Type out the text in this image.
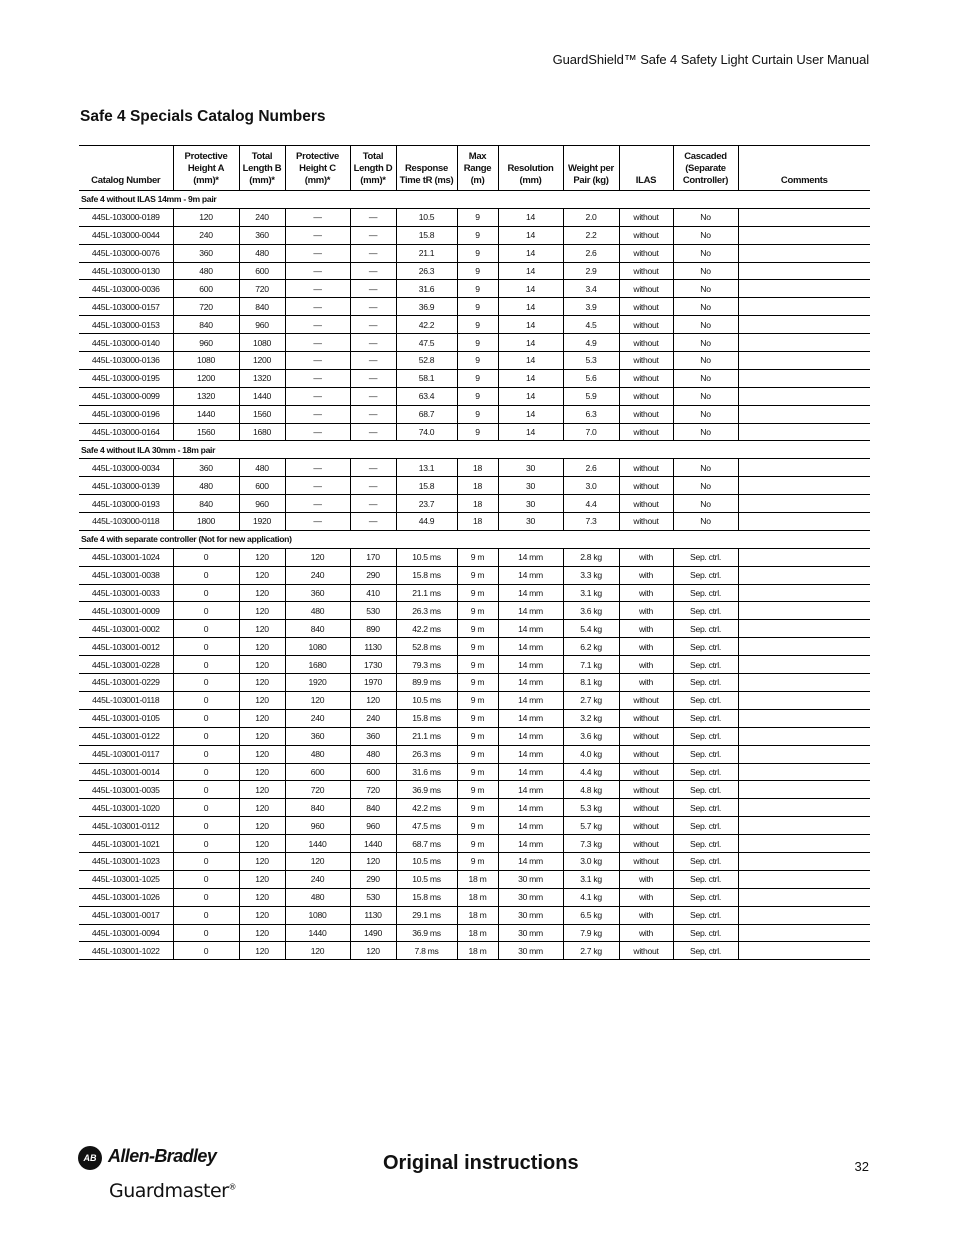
GuardShield™ Safe 4 Safety Light Curtain User Manual
Safe 4 Specials Catalog Numbers
Catalog Number	Protective Height A (mm)*	Total Length B (mm)*	Protective Height C (mm)*	Total Length D (mm)*	Response Time tR (ms)	Max Range (m)	Resolution (mm)	Weight per Pair (kg)	ILAS	Cascaded (Separate Controller)	Comments
Safe 4 without ILAS 14mm - 9m pair											
445L-103000-0189	120	240	—	—	10.5	9	14	2.0	without	No	
445L-103000-0044	240	360	—	—	15.8	9	14	2.2	without	No	
445L-103000-0076	360	480	—	—	21.1	9	14	2.6	without	No	
445L-103000-0130	480	600	—	—	26.3	9	14	2.9	without	No	
445L-103000-0036	600	720	—	—	31.6	9	14	3.4	without	No	
445L-103000-0157	720	840	—	—	36.9	9	14	3.9	without	No	
445L-103000-0153	840	960	—	—	42.2	9	14	4.5	without	No	
445L-103000-0140	960	1080	—	—	47.5	9	14	4.9	without	No	
445L-103000-0136	1080	1200	—	—	52.8	9	14	5.3	without	No	
445L-103000-0195	1200	1320	—	—	58.1	9	14	5.6	without	No	
445L-103000-0099	1320	1440	—	—	63.4	9	14	5.9	without	No	
445L-103000-0196	1440	1560	—	—	68.7	9	14	6.3	without	No	
445L-103000-0164	1560	1680	—	—	74.0	9	14	7.0	without	No	
Safe 4 without ILA 30mm - 18m pair											
445L-103000-0034	360	480	—	—	13.1	18	30	2.6	without	No	
445L-103000-0139	480	600	—	—	15.8	18	30	3.0	without	No	
445L-103000-0193	840	960	—	—	23.7	18	30	4.4	without	No	
445L-103000-0118	1800	1920	—	—	44.9	18	30	7.3	without	No	
Safe 4 with separate controller (Not for new application)											
445L-103001-1024	0	120	120	170	10.5 ms	9 m	14 mm	2.8 kg	with	Sep. ctrl.	
445L-103001-0038	0	120	240	290	15.8 ms	9 m	14 mm	3.3 kg	with	Sep. ctrl.	
445L-103001-0033	0	120	360	410	21.1 ms	9 m	14 mm	3.1 kg	with	Sep. ctrl.	
445L-103001-0009	0	120	480	530	26.3 ms	9 m	14 mm	3.6 kg	with	Sep. ctrl.	
445L-103001-0002	0	120	840	890	42.2 ms	9 m	14 mm	5.4 kg	with	Sep. ctrl.	
445L-103001-0012	0	120	1080	1130	52.8 ms	9 m	14 mm	6.2 kg	with	Sep. ctrl.	
445L-103001-0228	0	120	1680	1730	79.3 ms	9 m	14 mm	7.1 kg	with	Sep. ctrl.	
445L-103001-0229	0	120	1920	1970	89.9 ms	9 m	14 mm	8.1 kg	with	Sep. ctrl.	
445L-103001-0118	0	120	120	120	10.5 ms	9 m	14 mm	2.7 kg	without	Sep. ctrl.	
445L-103001-0105	0	120	240	240	15.8 ms	9 m	14 mm	3.2 kg	without	Sep. ctrl.	
445L-103001-0122	0	120	360	360	21.1 ms	9 m	14 mm	3.6 kg	without	Sep. ctrl.	
445L-103001-0117	0	120	480	480	26.3 ms	9 m	14 mm	4.0 kg	without	Sep. ctrl.	
445L-103001-0014	0	120	600	600	31.6 ms	9 m	14 mm	4.4 kg	without	Sep. ctrl.	
445L-103001-0035	0	120	720	720	36.9 ms	9 m	14 mm	4.8 kg	without	Sep. ctrl.	
445L-103001-1020	0	120	840	840	42.2 ms	9 m	14 mm	5.3 kg	without	Sep. ctrl.	
445L-103001-0112	0	120	960	960	47.5 ms	9 m	14 mm	5.7 kg	without	Sep. ctrl.	
445L-103001-1021	0	120	1440	1440	68.7 ms	9 m	14 mm	7.3 kg	without	Sep. ctrl.	
445L-103001-1023	0	120	120	120	10.5 ms	9 m	14 mm	3.0 kg	without	Sep. ctrl.	
445L-103001-1025	0	120	240	290	10.5 ms	18 m	30 mm	3.1 kg	with	Sep. ctrl.	
445L-103001-1026	0	120	480	530	15.8 ms	18 m	30 mm	4.1 kg	with	Sep. ctrl.	
445L-103001-0017	0	120	1080	1130	29.1 ms	18 m	30 mm	6.5 kg	with	Sep. ctrl.	
445L-103001-0094	0	120	1440	1490	36.9 ms	18 m	30 mm	7.9 kg	with	Sep. ctrl.	
445L-103001-1022	0	120	120	120	7.8 ms	18 m	30 mm	2.7 kg	without	Sep, ctrl.	
AB Allen-Bradley
Guardmaster®
Original instructions	32
